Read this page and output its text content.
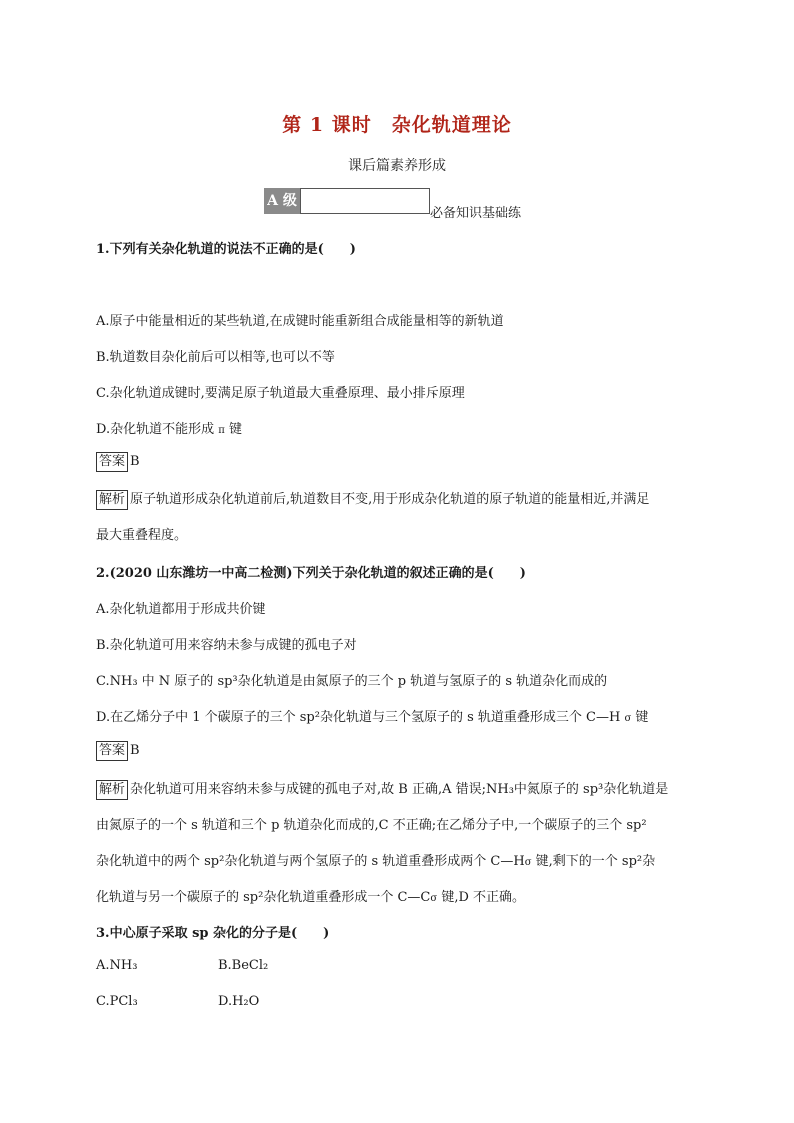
第 1 课时　杂化轨道理论
课后篇素养形成
A 级
必备知识基础练
1.下列有关杂化轨道的说法不正确的是(　　)
A.原子中能量相近的某些轨道,在成键时能重新组合成能量相等的新轨道
B.轨道数目杂化前后可以相等,也可以不等
C.杂化轨道成键时,要满足原子轨道最大重叠原理、最小排斥原理
D.杂化轨道不能形成 π 键
答案 B
解析 原子轨道形成杂化轨道前后,轨道数目不变,用于形成杂化轨道的原子轨道的能量相近,并满足
最大重叠程度。
2.(2020 山东潍坊一中高二检测)下列关于杂化轨道的叙述正确的是(　　)
A.杂化轨道都用于形成共价键
B.杂化轨道可用来容纳未参与成键的孤电子对
C.NH₃ 中 N 原子的 sp³杂化轨道是由氮原子的三个 p 轨道与氢原子的 s 轨道杂化而成的
D.在乙烯分子中 1 个碳原子的三个 sp²杂化轨道与三个氢原子的 s 轨道重叠形成三个 C—H σ 键
答案 B
解析 杂化轨道可用来容纳未参与成键的孤电子对,故 B 正确,A 错误;NH₃中氮原子的 sp³杂化轨道是
由氮原子的一个 s 轨道和三个 p 轨道杂化而成的,C 不正确;在乙烯分子中,一个碳原子的三个 sp²
杂化轨道中的两个 sp²杂化轨道与两个氢原子的 s 轨道重叠形成两个 C—Hσ 键,剩下的一个 sp²杂
化轨道与另一个碳原子的 sp²杂化轨道重叠形成一个 C—Cσ 键,D 不正确。
3.中心原子采取 sp 杂化的分子是(　　)
A.NH₃	B.BeCl₂
C.PCl₃	D.H₂O
